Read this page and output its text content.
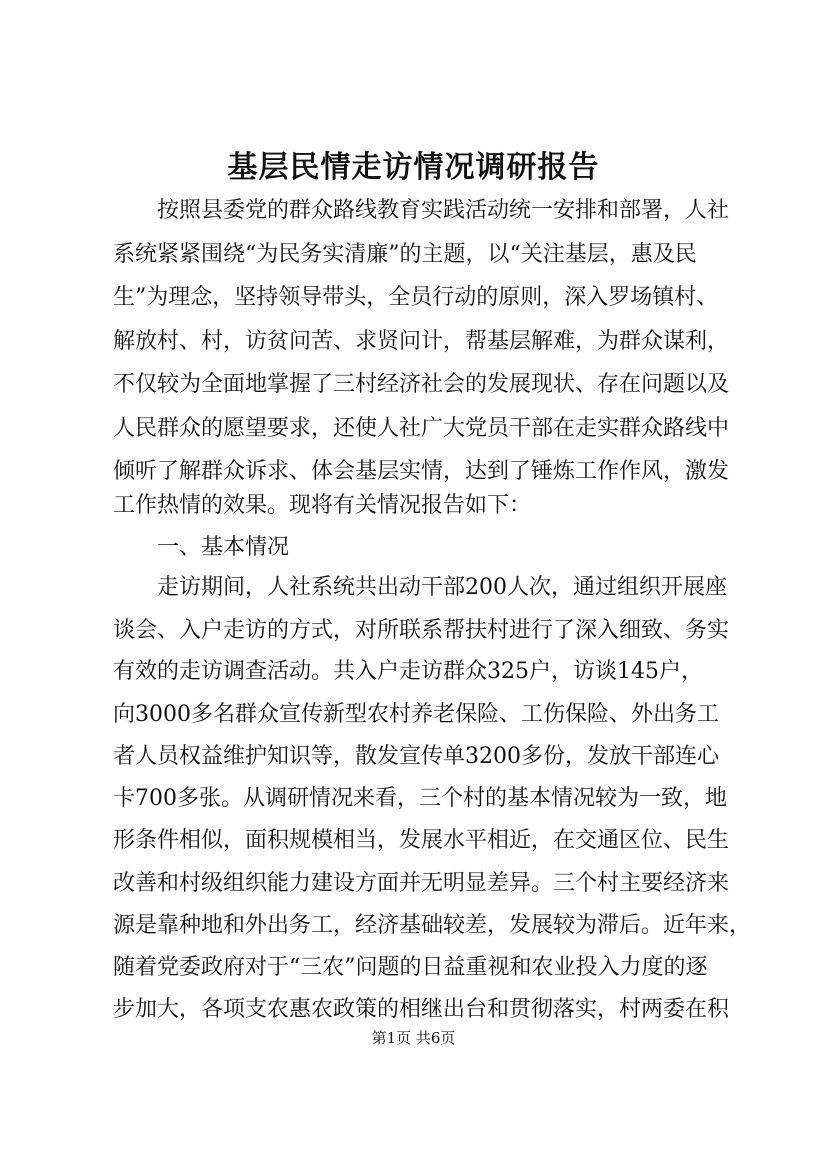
基层民情走访情况调研报告
　　按照县委党的群众路线教育实践活动统一安排和部署，人社
系统紧紧围绕“为民务实清廉”的主题，以“关注基层，惠及民
生”为理念，坚持领导带头，全员行动的原则，深入罗场镇村、
解放村、村，访贫问苦、求贤问计，帮基层解难，为群众谋利，
不仅较为全面地掌握了三村经济社会的发展现状、存在问题以及
人民群众的愿望要求，还使人社广大党员干部在走实群众路线中
倾听了解群众诉求、体会基层实情，达到了锤炼工作作风，激发
工作热情的效果。现将有关情况报告如下：
　　一、基本情况
　　走访期间，人社系统共出动干部200人次，通过组织开展座
谈会、入户走访的方式，对所联系帮扶村进行了深入细致、务实
有效的走访调查活动。共入户走访群众325户，访谈145户，
向3000多名群众宣传新型农村养老保险、工伤保险、外出务工
者人员权益维护知识等，散发宣传单3200多份，发放干部连心
卡700多张。从调研情况来看，三个村的基本情况较为一致，地
形条件相似，面积规模相当，发展水平相近，在交通区位、民生
改善和村级组织能力建设方面并无明显差异。三个村主要经济来
源是靠种地和外出务工，经济基础较差，发展较为滞后。近年来，
随着党委政府对于“三农”问题的日益重视和农业投入力度的逐
步加大，各项支农惠农政策的相继出台和贯彻落实，村两委在积
第1页 共6页
